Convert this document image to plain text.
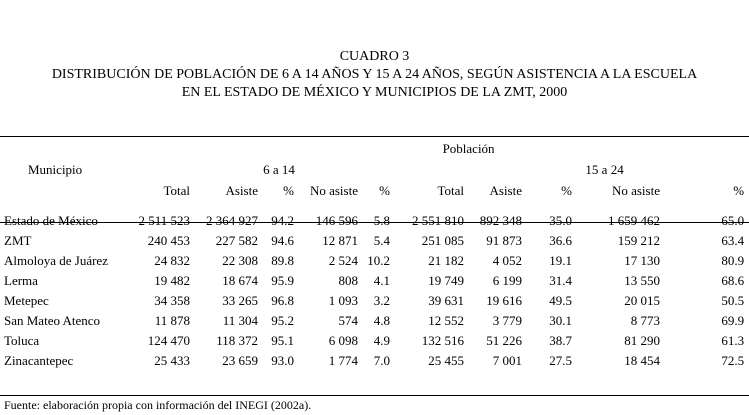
CUADRO 3
DISTRIBUCIÓN DE POBLACIÓN DE 6 A 14 AÑOS Y 15 A 24 AÑOS, SEGÚN ASISTENCIA A LA ESCUELA
EN EL ESTADO DE MÉXICO Y MUNICIPIOS DE LA ZMT, 2000
	Población									
Municipio	6 a 14					15 a 24				
	Total	Asiste	%	No asiste	%	Total	Asiste	%	No asiste	%

Estado de México	2 511 523	2 364 927	94.2	146 596	5.8	2 551 810	892 348	35.0	1 659 462	65.0
ZMT	240 453	227 582	94.6	12 871	5.4	251 085	91 873	36.6	159 212	63.4
Almoloya de Juárez	24 832	22 308	89.8	2 524	10.2	21 182	4 052	19.1	17 130	80.9
Lerma	19 482	18 674	95.9	808	4.1	19 749	6 199	31.4	13 550	68.6
Metepec	34 358	33 265	96.8	1 093	3.2	39 631	19 616	49.5	20 015	50.5
San Mateo Atenco	11 878	11 304	95.2	574	4.8	12 552	3 779	30.1	8 773	69.9
Toluca	124 470	118 372	95.1	6 098	4.9	132 516	51 226	38.7	81 290	61.3
Zinacantepec	25 433	23 659	93.0	1 774	7.0	25 455	7 001	27.5	18 454	72.5
Fuente: elaboración propia con información del INEGI (2002a).
